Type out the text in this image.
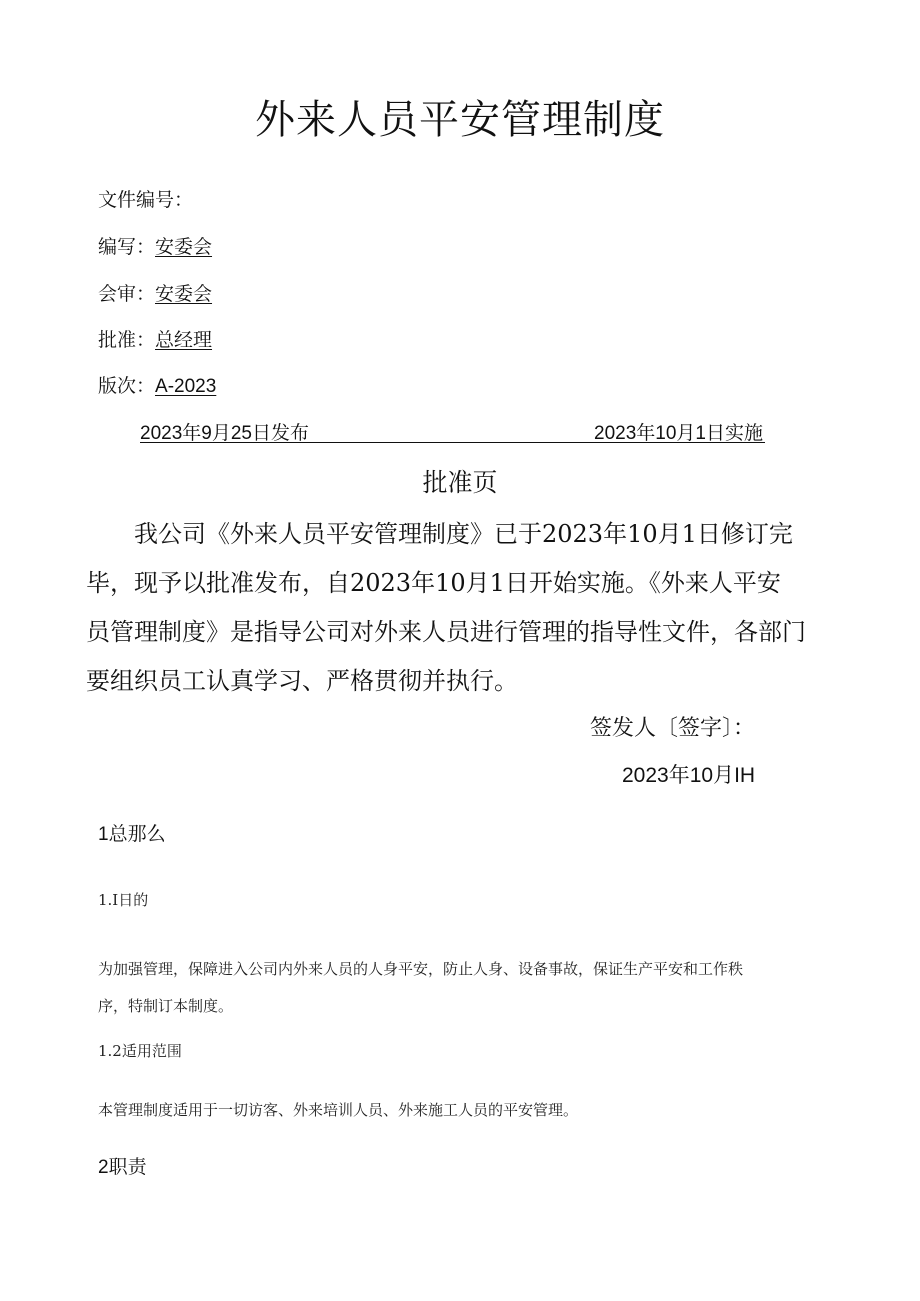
外来人员平安管理制度
文件编号：
编写：安委会
会审：安委会
批准：总经理
版次：A-2023
2023年9月25日发布	2023年10月1日实施
批准页
我公司《外来人员平安管理制度》已于2023年10月1日修订完
毕，现予以批准发布，自2023年10月1日开始实施。《外来人平安
员管理制度》是指导公司对外来人员进行管理的指导性文件，各部门
要组织员工认真学习、严格贯彻并执行。
签发人〔签字〕：
2023年10月IH
1总那么
1.I日的
为加强管理，保障进入公司内外来人员的人身平安，防止人身、设备事故，保证生产平安和工作秩
序，特制订本制度。
1.2适用范围
本管理制度适用于一切访客、外来培训人员、外来施工人员的平安管理。
2职责
